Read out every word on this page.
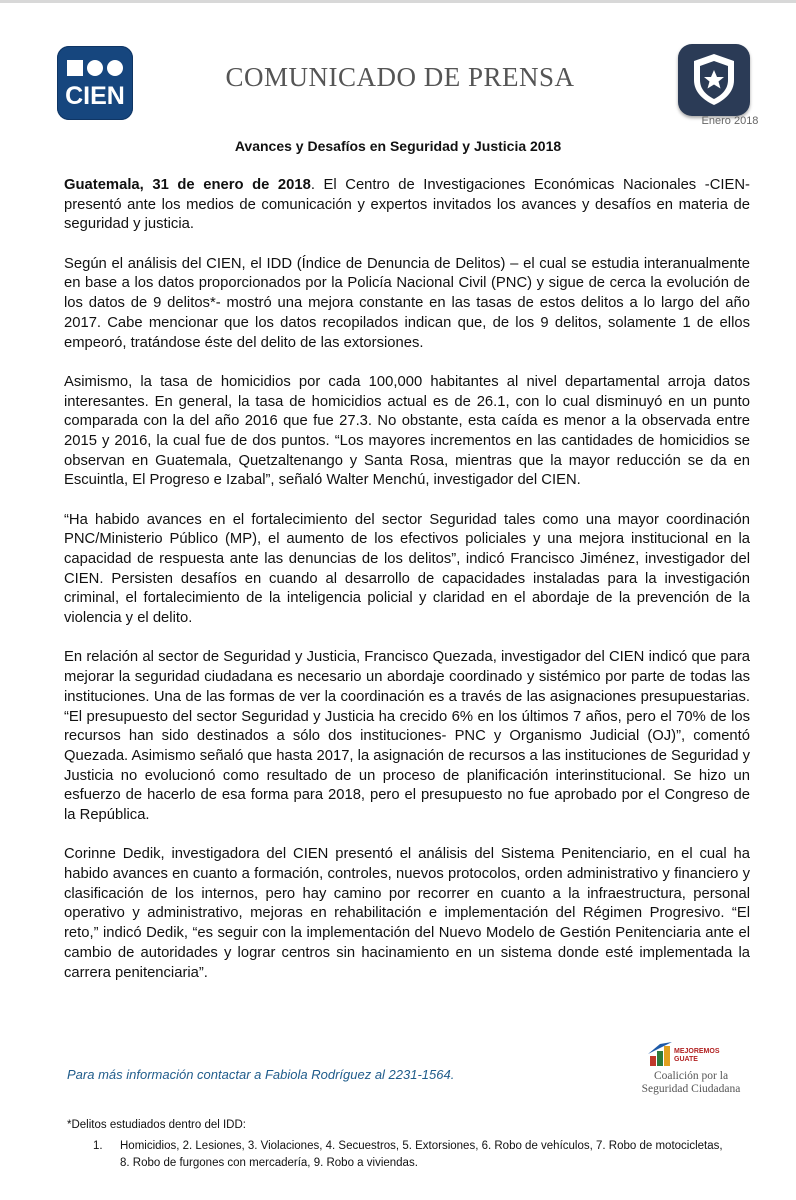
CIEN
COMUNICADO DE PRENSA
Enero 2018
Avances y Desafíos en Seguridad y Justicia 2018

Guatemala, 31 de enero de 2018. El Centro de Investigaciones Económicas Nacionales -CIEN- presentó ante los medios de comunicación y expertos invitados los avances y desafíos en materia de seguridad y justicia.

Según el análisis del CIEN, el IDD (Índice de Denuncia de Delitos) – el cual se estudia interanualmente en base a los datos proporcionados por la Policía Nacional Civil (PNC) y sigue de cerca la evolución de los datos de 9 delitos*- mostró una mejora constante en las tasas de estos delitos a lo largo del año 2017. Cabe mencionar que los datos recopilados indican que, de los 9 delitos, solamente 1 de ellos empeoró, tratándose éste del delito de las extorsiones.

Asimismo, la tasa de homicidios por cada 100,000 habitantes al nivel departamental arroja datos interesantes. En general, la tasa de homicidios actual es de 26.1, con lo cual disminuyó en un punto comparada con la del año 2016 que fue 27.3. No obstante, esta caída es menor a la observada entre 2015 y 2016, la cual fue de dos puntos. “Los mayores incrementos en las cantidades de homicidios se observan en Guatemala, Quetzaltenango y Santa Rosa, mientras que la mayor reducción se da en Escuintla, El Progreso e Izabal”, señaló Walter Menchú, investigador del CIEN.

“Ha habido avances en el fortalecimiento del sector Seguridad tales como una mayor coordinación PNC/Ministerio Público (MP), el aumento de los efectivos policiales y una mejora institucional en la capacidad de respuesta ante las denuncias de los delitos”, indicó Francisco Jiménez, investigador del CIEN. Persisten desafíos en cuando al desarrollo de capacidades instaladas para la investigación criminal, el fortalecimiento de la inteligencia policial y claridad en el abordaje de la prevención de la violencia y el delito.

En relación al sector de Seguridad y Justicia, Francisco Quezada, investigador del CIEN indicó que para mejorar la seguridad ciudadana es necesario un abordaje coordinado y sistémico por parte de todas las instituciones. Una de las formas de ver la coordinación es a través de las asignaciones presupuestarias. “El presupuesto del sector Seguridad y Justicia ha crecido 6% en los últimos 7 años, pero el 70% de los recursos han sido destinados a sólo dos instituciones- PNC y Organismo Judicial (OJ)”, comentó Quezada. Asimismo señaló que hasta 2017, la asignación de recursos a las instituciones de Seguridad y Justicia no evolucionó como resultado de un proceso de planificación interinstitucional. Se hizo un esfuerzo de hacerlo de esa forma para 2018, pero el presupuesto no fue aprobado por el Congreso de la República.

Corinne Dedik, investigadora del CIEN presentó el análisis del Sistema Penitenciario, en el cual ha habido avances en cuanto a formación, controles, nuevos protocolos, orden administrativo y financiero y clasificación de los internos, pero hay camino por recorrer en cuanto a la infraestructura, personal operativo y administrativo, mejoras en rehabilitación e implementación del Régimen Progresivo. “El reto,” indicó Dedik, “es seguir con la implementación del Nuevo Modelo de Gestión Penitenciaria ante el cambio de autoridades y lograr centros sin hacinamiento en un sistema donde esté implementada la carrera penitenciaria”.

Para más información contactar a Fabiola Rodríguez al 2231-1564.
MEJOREMOS
GUATE
Coalición por la
Seguridad Ciudadana
*Delitos estudiados dentro del IDD:
1. Homicidios, 2. Lesiones, 3. Violaciones, 4. Secuestros, 5. Extorsiones, 6. Robo de vehículos, 7. Robo de motocicletas, 8. Robo de furgones con mercadería, 9. Robo a viviendas.
